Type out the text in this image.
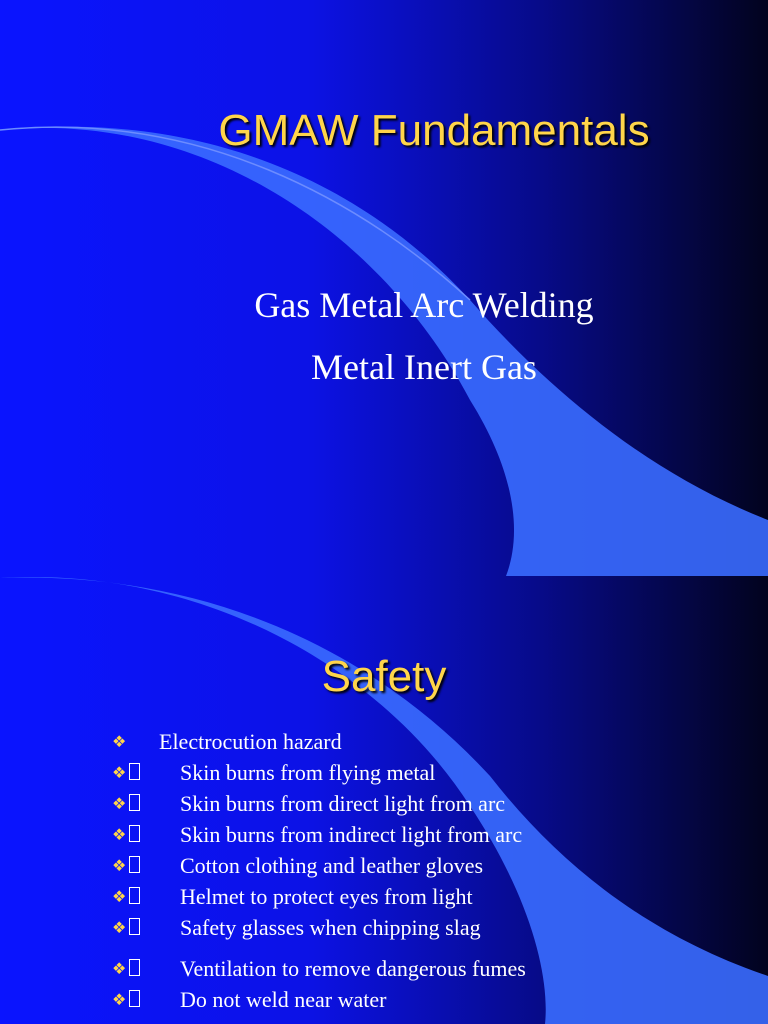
GMAW Fundamentals
Gas Metal Arc Welding
Metal Inert Gas
Safety
❖	Electrocution hazard
❖	Skin burns from flying metal
❖	Skin burns from direct light from arc
❖	Skin burns from indirect light from arc
❖	Cotton clothing and leather gloves
❖	Helmet to protect eyes from light
❖	Safety glasses when chipping slag
❖	Ventilation to remove dangerous fumes
❖	Do not weld near water
